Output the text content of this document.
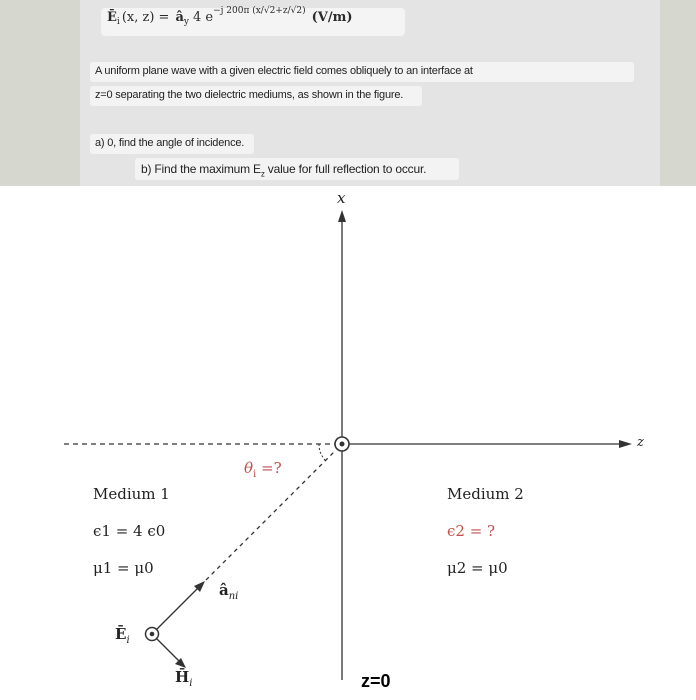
Ē i (x, z) = â y 4 e −j 200π (x/√2+z/√2) (V/m)
A uniform plane wave with a given electric field comes obliquely to an interface at
z=0 separating the two dielectric mediums, as shown in the figure.
a) 0, find the angle of incidence.
b) Find the maximum $E_z$ value for full reflection to occur.
x
z
$\theta_i$ =?
Medium 1
ϵ1 = 4 ϵ0
μ1 = μ0
Medium 2
ϵ2 = ?
μ2 = μ0
$â_{ni}$
$Ē_i$
$H̄_i$	z=0
